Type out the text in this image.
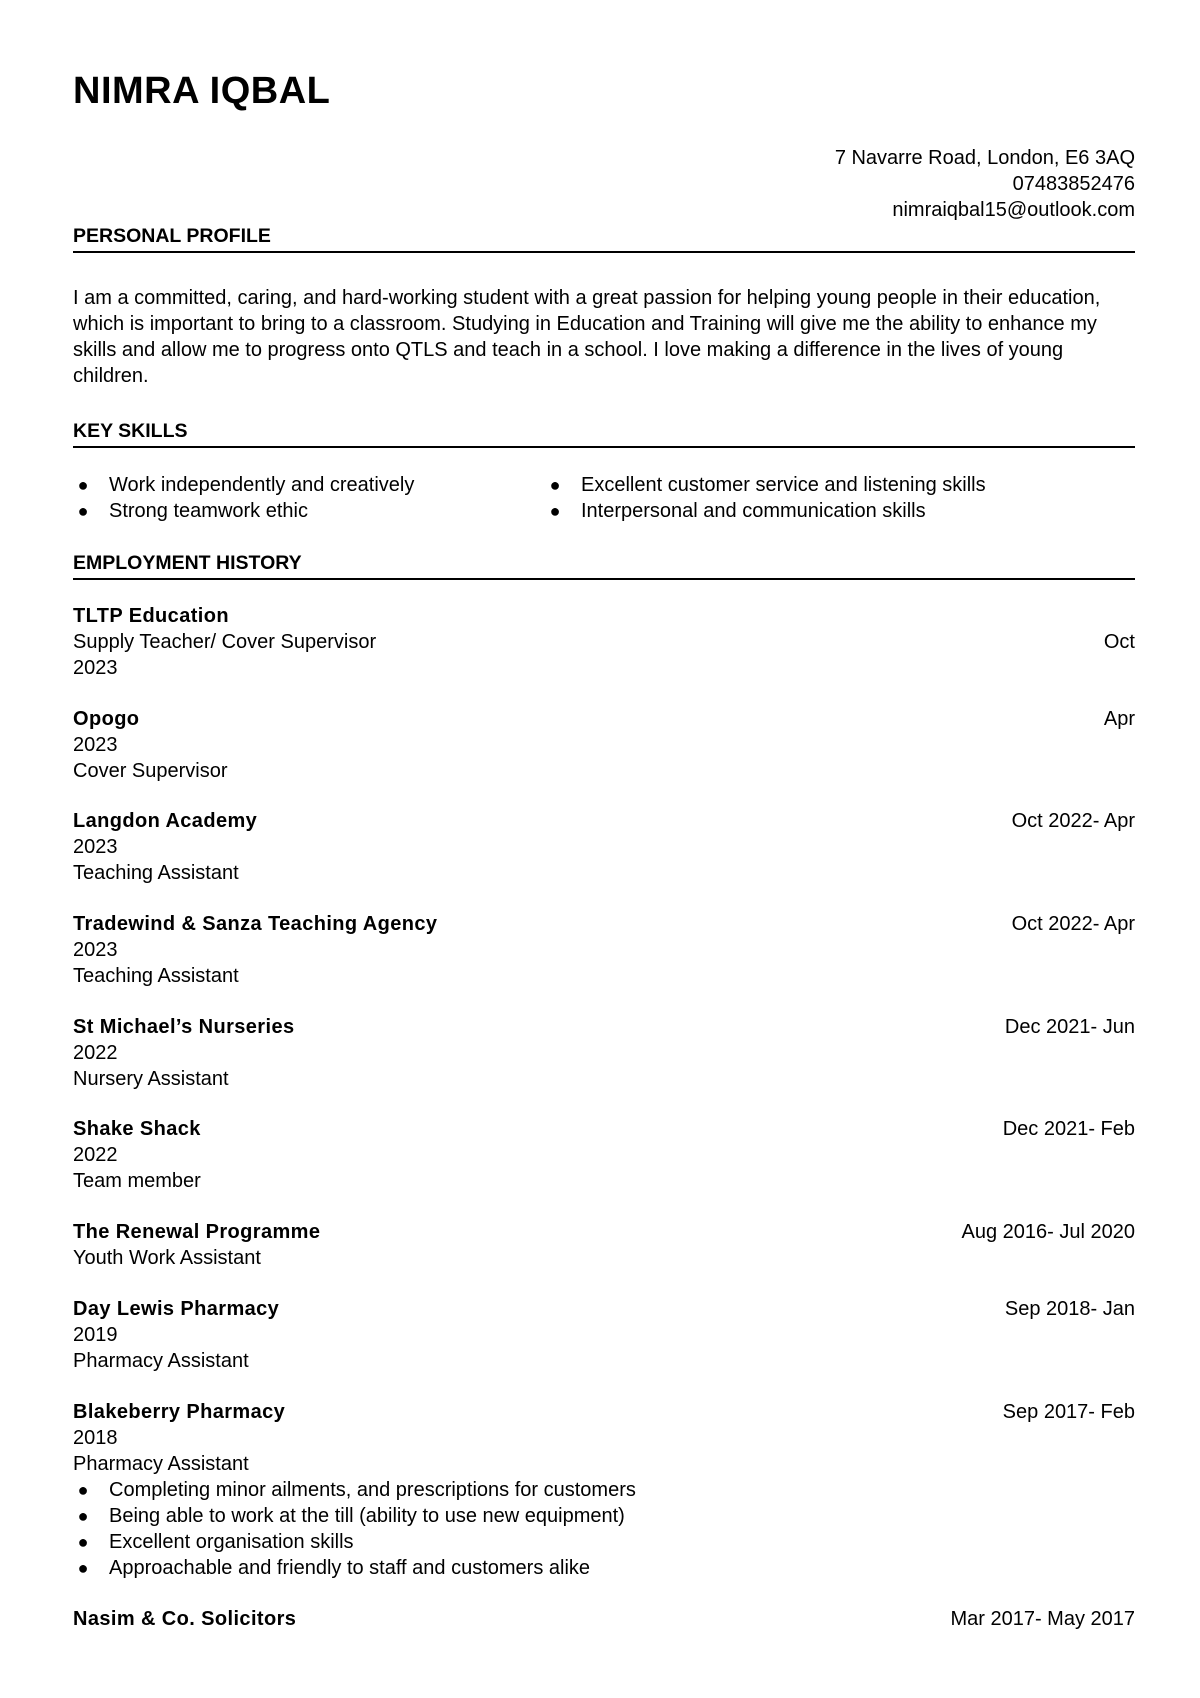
NIMRA IQBAL
7 Navarre Road, London, E6 3AQ
07483852476
nimraiqbal15@outlook.com
PERSONAL PROFILE

I am a committed, caring, and hard-working student with a great passion for helping young people in their education, which is important to bring to a classroom. Studying in Education and Training will give me the ability to enhance my skills and allow me to progress onto QTLS and teach in a school. I love making a difference in the lives of young children.

KEY SKILLS
● Work independently and creatively
● Strong teamwork ethic
● Excellent customer service and listening skills
● Interpersonal and communication skills
EMPLOYMENT HISTORY
TLTP Education
Oct
Supply Teacher/ Cover Supervisor
2023
Apr
Opogo
2023
Cover Supervisor
Oct 2022- Apr
Langdon Academy
2023
Teaching Assistant
Oct 2022- Apr
Tradewind & Sanza Teaching Agency
2023
Teaching Assistant
Dec 2021- Jun
St Michael’s Nurseries
2022
Nursery Assistant
Dec 2021- Feb
Shake Shack
2022
Team member
Aug 2016- Jul 2020
The Renewal Programme
Youth Work Assistant
Sep 2018- Jan
Day Lewis Pharmacy
2019
Pharmacy Assistant
Sep 2017- Feb
Blakeberry Pharmacy
2018
Pharmacy Assistant
● Completing minor ailments, and prescriptions for customers
● Being able to work at the till (ability to use new equipment)
● Excellent organisation skills
● Approachable and friendly to staff and customers alike
Mar 2017- May 2017
Nasim & Co. Solicitors
